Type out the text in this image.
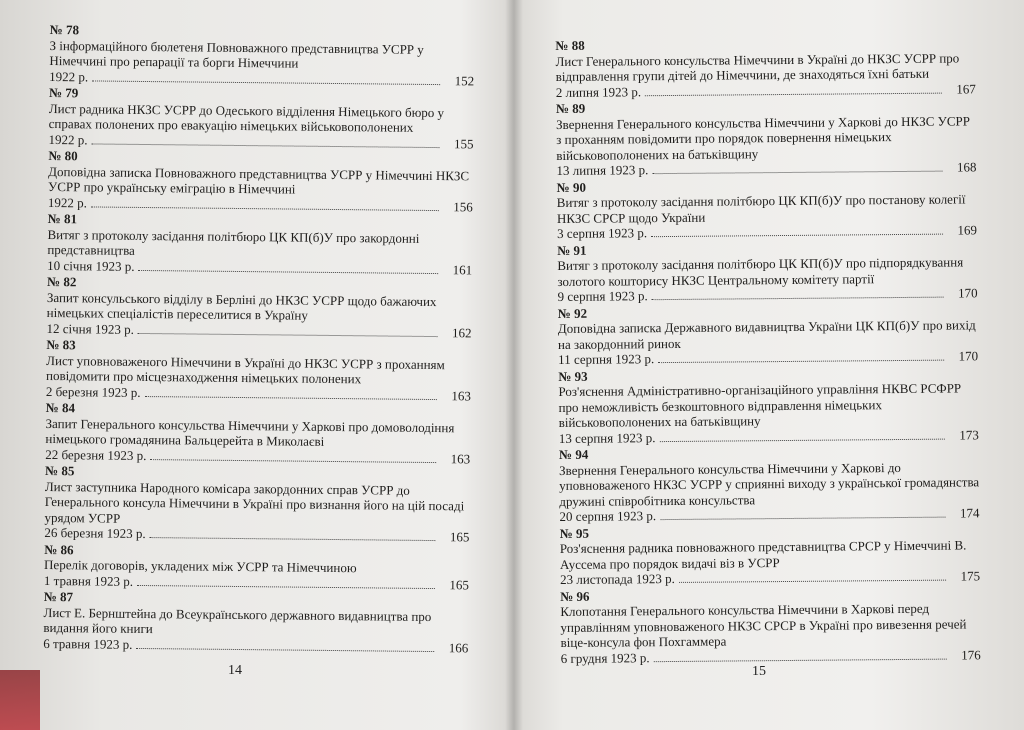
№ 78
З інформаційного бюлетеня Повноважного представництва УСРР у Німеччині про репарації та борги Німеччини
1922 р.	152
№ 79
Лист радника НКЗС УСРР до Одеського відділення Німецького бюро у справах полонених про евакуацію німецьких військовополонених
1922 р.	155
№ 80
Доповідна записка Повноважного представництва УСРР у Німеччині НКЗС УСРР про українську еміграцію в Німеччині
1922 р.	156
№ 81
Витяг з протоколу засідання політбюро ЦК КП(б)У про закордонні представництва
10 січня 1923 р.	161
№ 82
Запит консульського відділу в Берліні до НКЗС УСРР щодо бажаючих німецьких спеціалістів переселитися в Україну
12 січня 1923 р.	162
№ 83
Лист уповноваженого Німеччини в Україні до НКЗС УСРР з проханням повідомити про місцезнаходження німецьких полонених
2 березня 1923 р.	163
№ 84
Запит Генерального консульства Німеччини у Харкові про домоволодіння німецького громадянина Бальцерейта в Миколаєві
22 березня 1923 р.	163
№ 85
Лист заступника Народного комісара закордонних справ УСРР до Генерального консула Німеччини в Україні про визнання його на цій посаді урядом УСРР
26 березня 1923 р.	165
№ 86
Перелік договорів, укладених між УСРР та Німеччиною
1 травня 1923 р.	165
№ 87
Лист Е. Бернштейна до Всеукраїнського державного видавництва про видання його книги
6 травня 1923 р.	166
14
№ 88
Лист Генерального консульства Німеччини в Україні до НКЗС УСРР про відправлення групи дітей до Німеччини, де знаходяться їхні батьки
2 липня 1923 р.	167
№ 89
Звернення Генерального консульства Німеччини у Харкові до НКЗС УСРР з проханням повідомити про порядок повернення німецьких військовополонених на батьківщину
13 липня 1923 р.	168
№ 90
Витяг з протоколу засідання політбюро ЦК КП(б)У про постанову колегії НКЗС СРСР щодо України
3 серпня 1923 р.	169
№ 91
Витяг з протоколу засідання політбюро ЦК КП(б)У про підпорядкування золотого кошторису НКЗС Центральному комітету партії
9 серпня 1923 р.	170
№ 92
Доповідна записка Державного видавництва України ЦК КП(б)У про вихід на закордонний ринок
11 серпня 1923 р.	170
№ 93
Роз'яснення Адміністративно-організаційного управління НКВС РСФРР про неможливість безкоштовного відправлення німецьких військовополонених на батьківщину
13 серпня 1923 р.	173
№ 94
Звернення Генерального консульства Німеччини у Харкові до уповноваженого НКЗС УСРР у сприянні виходу з української громадянства дружині співробітника консульства
20 серпня 1923 р.	174
№ 95
Роз'яснення радника повноважного представництва СРСР у Німеччині В. Аусcема про порядок видачі віз в УСРР
23 листопада 1923 р.	175
№ 96
Клопотання Генерального консульства Німеччини в Харкові перед управлінням уповноваженого НКЗС СРСР в Україні про вивезення речей віце-консула фон Похгаммера
6 грудня 1923 р.	176
15
